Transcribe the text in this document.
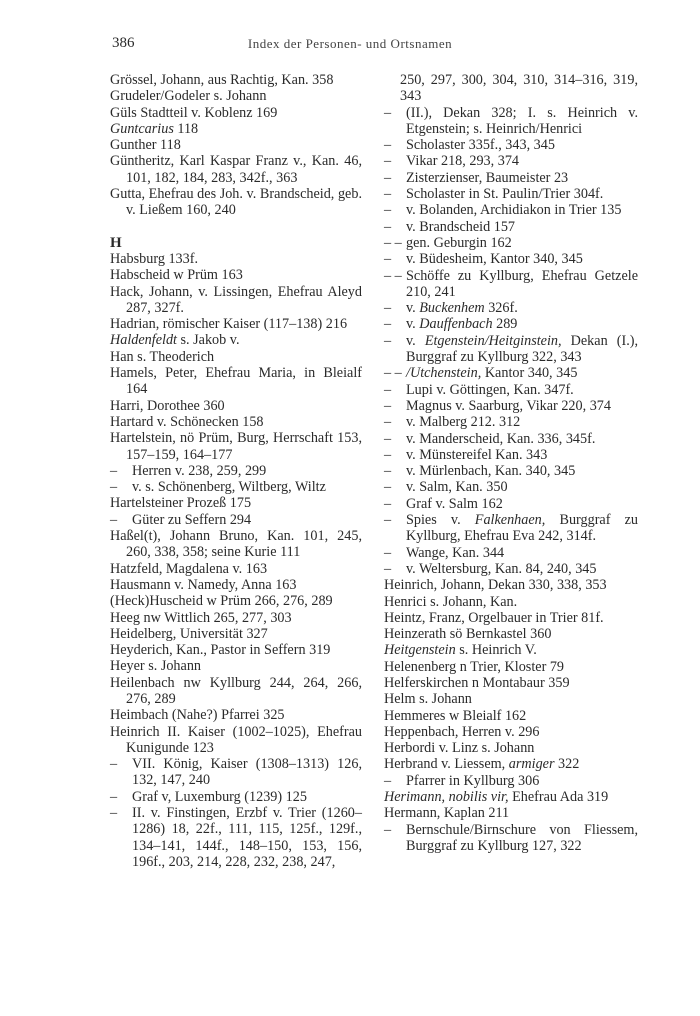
386	Index der Personen- und Ortsnamen

Grössel, Johann, aus Rachtig, Kan. 358

Grudeler/Godeler s. Johann

Güls Stadtteil v. Koblenz 169

Guntcarius 118

Gunther 118

Güntheritz, Karl Kaspar Franz v., Kan. 46, 101, 182, 184, 283, 342f., 363

Gutta, Ehefrau des Joh. v. Brandscheid, geb. v. Ließem 160, 240

H

Habsburg 133f.

Habscheid w Prüm 163

Hack, Johann, v. Lissingen, Ehefrau Aleyd 287, 327f.

Hadrian, römischer Kaiser (117–138) 216

Haldenfeldt s. Jakob v.

Han s. Theoderich

Hamels, Peter, Ehefrau Maria, in Bleialf 164

Harri, Dorothee 360

Hartard v. Schönecken 158

Hartelstein, nö Prüm, Burg, Herrschaft 153, 157–159, 164–177

– Herren v. 238, 259, 299

– v. s. Schönenberg, Wiltberg, Wiltz

Hartelsteiner Prozeß 175

– Güter zu Seffern 294

Haßel(t), Johann Bruno, Kan. 101, 245, 260, 338, 358; seine Kurie 111

Hatzfeld, Magdalena v. 163

Hausmann v. Namedy, Anna 163

(Heck)Huscheid w Prüm 266, 276, 289

Heeg nw Wittlich 265, 277, 303

Heidelberg, Universität 327

Heyderich, Kan., Pastor in Seffern 319

Heyer s. Johann

Heilenbach nw Kyllburg 244, 264, 266, 276, 289

Heimbach (Nahe?) Pfarrei 325

Heinrich II. Kaiser (1002–1025), Ehefrau Kunigunde 123

– VII. König, Kaiser (1308–1313) 126, 132, 147, 240

– Graf v, Luxemburg (1239) 125

– II. v. Finstingen, Erzbf v. Trier (1260–1286) 18, 22f., 111, 115, 125f., 129f., 134–141, 144f., 148–150, 153, 156, 196f., 203, 214, 228, 232, 238, 247,

250, 297, 300, 304, 310, 314–316, 319, 343

– (II.), Dekan 328; I. s. Heinrich v. Etgenstein; s. Heinrich/Henrici

– Scholaster 335f., 343, 345

– Vikar 218, 293, 374

– Zisterzienser, Baumeister 23

– Scholaster in St. Paulin/Trier 304f.

– v. Bolanden, Archidiakon in Trier 135

– v. Brandscheid 157

– – gen. Geburgin 162

– v. Büdesheim, Kantor 340, 345

– – Schöffe zu Kyllburg, Ehefrau Getzele 210, 241

– v. Buckenhem 326f.

– v. Dauffenbach 289

– v. Etgenstein/Heitginstein, Dekan (I.), Burggraf zu Kyllburg 322, 343

– – /Utchenstein, Kantor 340, 345

– Lupi v. Göttingen, Kan. 347f.

– Magnus v. Saarburg, Vikar 220, 374

– v. Malberg 212. 312

– v. Manderscheid, Kan. 336, 345f.

– v. Münstereifel Kan. 343

– v. Mürlenbach, Kan. 340, 345

– v. Salm, Kan. 350

– Graf v. Salm 162

– Spies v. Falkenhaen, Burggraf zu Kyllburg, Ehefrau Eva 242, 314f.

– Wange, Kan. 344

– v. Weltersburg, Kan. 84, 240, 345

Heinrich, Johann, Dekan 330, 338, 353

Henrici s. Johann, Kan.

Heintz, Franz, Orgelbauer in Trier 81f.

Heinzerath sö Bernkastel 360

Heitgenstein s. Heinrich V.

Helenenberg n Trier, Kloster 79

Helferskirchen n Montabaur 359

Helm s. Johann

Hemmeres w Bleialf 162

Heppenbach, Herren v. 296

Herbordi v. Linz s. Johann

Herbrand v. Liessem, armiger 322

– Pfarrer in Kyllburg 306

Herimann, nobilis vir, Ehefrau Ada 319

Hermann, Kaplan 211

– Bernschule/Birnschure von Fliessem, Burggraf zu Kyllburg 127, 322
